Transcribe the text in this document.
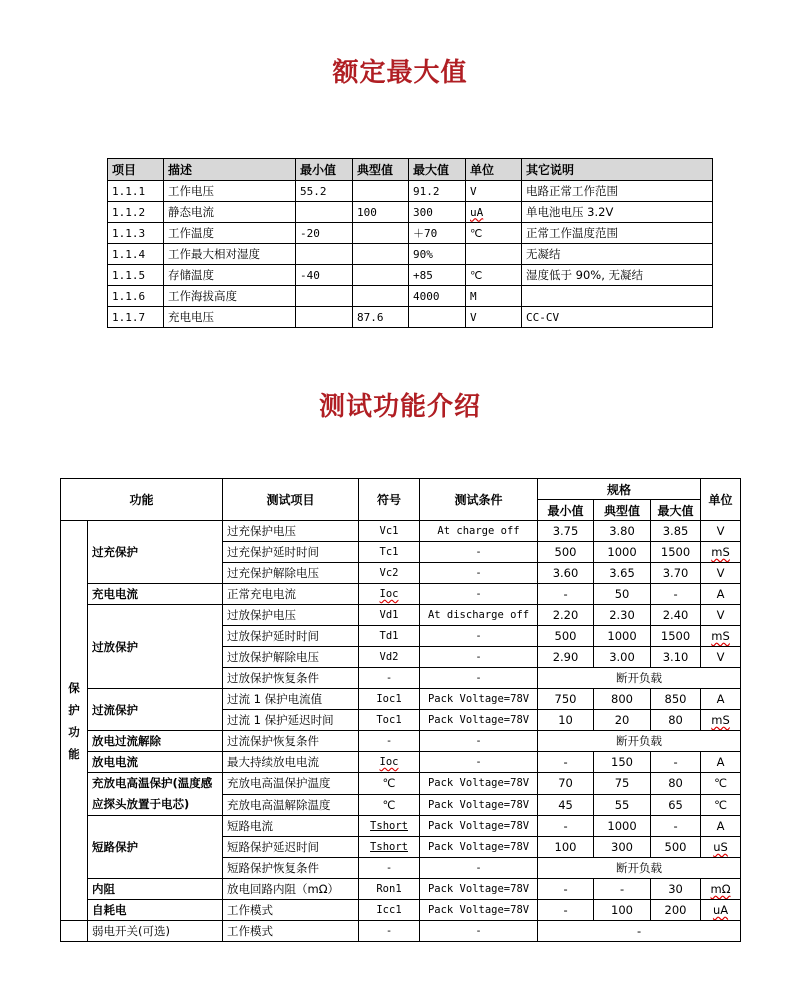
额定最大值
项目	描述	最小值	典型值	最大值	单位	其它说明
1.1.1	工作电压	55.2		91.2	V	电路正常工作范围
1.1.2	静态电流		100	300	uA	单电池电压 3.2V
1.1.3	工作温度	-20		＋70	℃	正常工作温度范围
1.1.4	工作最大相对湿度			90%		无凝结
1.1.5	存储温度	-40		+85	℃	湿度低于 90%, 无凝结
1.1.6	工作海拔高度			4000	M	
1.1.7	充电电压		87.6		V	CC-CV
测试功能介绍
功能		测试项目	符号	测试条件	规格			单位
					最小值	典型值	最大值	
保
护
功
能	过充保护	过充保护电压	Vc1	At charge off	3.75	3.80	3.85	V
		过充保护延时时间	Tc1	-	500	1000	1500	mS
		过充保护解除电压	Vc2	-	3.60	3.65	3.70	V
	充电电流	正常充电电流	Ioc	-	-	50	-	A
	过放保护	过放保护电压	Vd1	At discharge off	2.20	2.30	2.40	V
		过放保护延时时间	Td1	-	500	1000	1500	mS
		过放保护解除电压	Vd2	-	2.90	3.00	3.10	V
		过放保护恢复条件	-	-	断开负载			
	过流保护	过流 1 保护电流值	Ioc1	Pack Voltage=78V	750	800	850	A
		过流 1 保护延迟时间	Toc1	Pack Voltage=78V	10	20	80	mS
	放电过流解除	过流保护恢复条件	-	-	断开负载			
	放电电流	最大持续放电电流	Ioc	-	-	150	-	A
	充放电高温保护(温度感应探头放置于电芯)	充放电高温保护温度	℃	Pack Voltage=78V	70	75	80	℃
		充放电高温解除温度	℃	Pack Voltage=78V	45	55	65	℃
	短路保护	短路电流	Tshort	Pack Voltage=78V	-	1000	-	A
		短路保护延迟时间	Tshort	Pack Voltage=78V	100	300	500	uS
		短路保护恢复条件	-	-	断开负载			
	内阻	放电回路内阻（mΩ）	Ron1	Pack Voltage=78V	-	-	30	mΩ
	自耗电	工作模式	Icc1	Pack Voltage=78V	-	100	200	uA
	弱电开关(可选)	工作模式	-	-	-			
